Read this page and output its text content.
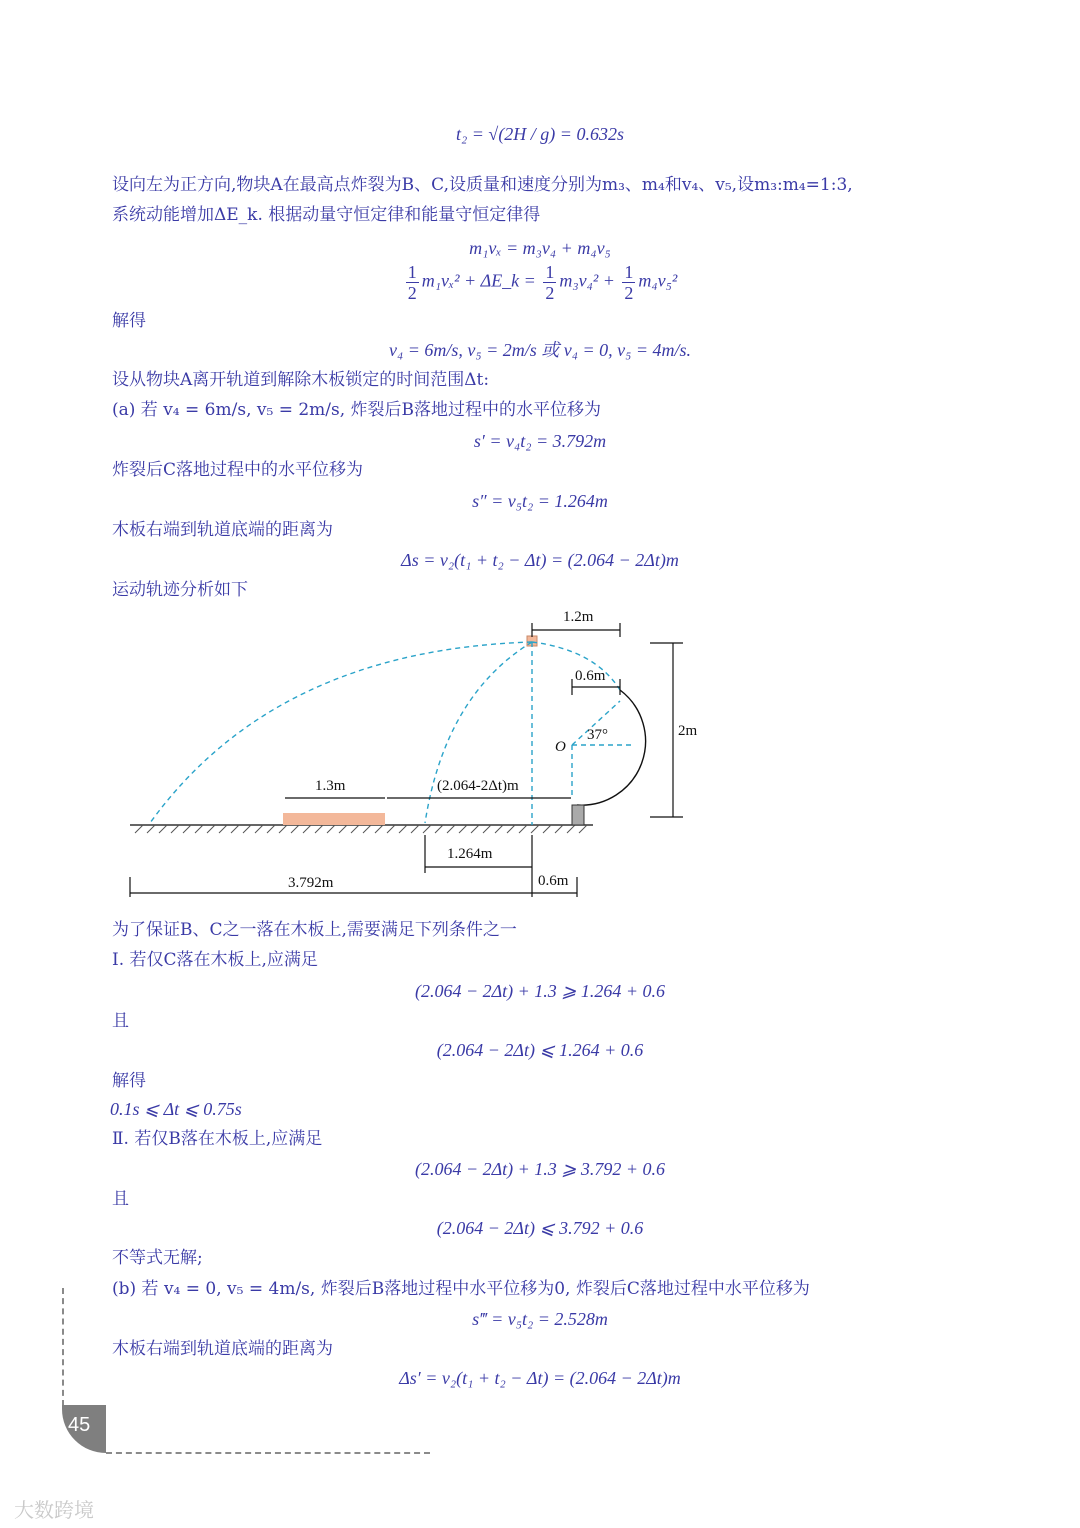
t₂ = √(2H / g) = 0.632s
设向左为正方向,物块A在最高点炸裂为B、C,设质量和速度分别为m₃、m₄和v₄、v₅,设m₃:m₄=1:3,
系统动能增加ΔE_k. 根据动量守恒定律和能量守恒定律得
m₁vₓ = m₃v₄ + m₄v₅
$\frac{1}{2} m_1v_x^2$ + ΔE_k = $\frac{1}{2} m_3v_4^2 + \frac{1}{2} m_4v_5^2$
解得
v₄ = 6m/s, v₅ = 2m/s 或 v₄ = 0, v₅ = 4m/s.
设从物块A离开轨道到解除木板锁定的时间范围Δt:
(a) 若 v₄ = 6m/s, v₅ = 2m/s, 炸裂后B落地过程中的水平位移为
s′ = v₄t₂ = 3.792m
炸裂后C落地过程中的水平位移为
s″ = v₅t₂ = 1.264m
木板右端到轨道底端的距离为
Δs = v₂(t₁ + t₂ − Δt) = (2.064 − 2Δt)m
运动轨迹分析如下
1.2m
0.6m
2m
O
37°
1.3m	(2.064-2Δt)m
1.264m
3.792m	0.6m
为了保证B、C之一落在木板上,需要满足下列条件之一
Ⅰ. 若仅C落在木板上,应满足
(2.064 − 2Δt) + 1.3 ⩾ 1.264 + 0.6
且
(2.064 − 2Δt) ⩽ 1.264 + 0.6
解得
0.1s ⩽ Δt ⩽ 0.75s
Ⅱ. 若仅B落在木板上,应满足
(2.064 − 2Δt) + 1.3 ⩾ 3.792 + 0.6
且
(2.064 − 2Δt) ⩽ 3.792 + 0.6
不等式无解;
(b) 若 v₄ = 0, v₅ = 4m/s, 炸裂后B落地过程中水平位移为0, 炸裂后C落地过程中水平位移为
s‴ = v₅t₂ = 2.528m
木板右端到轨道底端的距离为
Δs′ = v₂(t₁ + t₂ − Δt) = (2.064 − 2Δt)m
45
大数跨境
